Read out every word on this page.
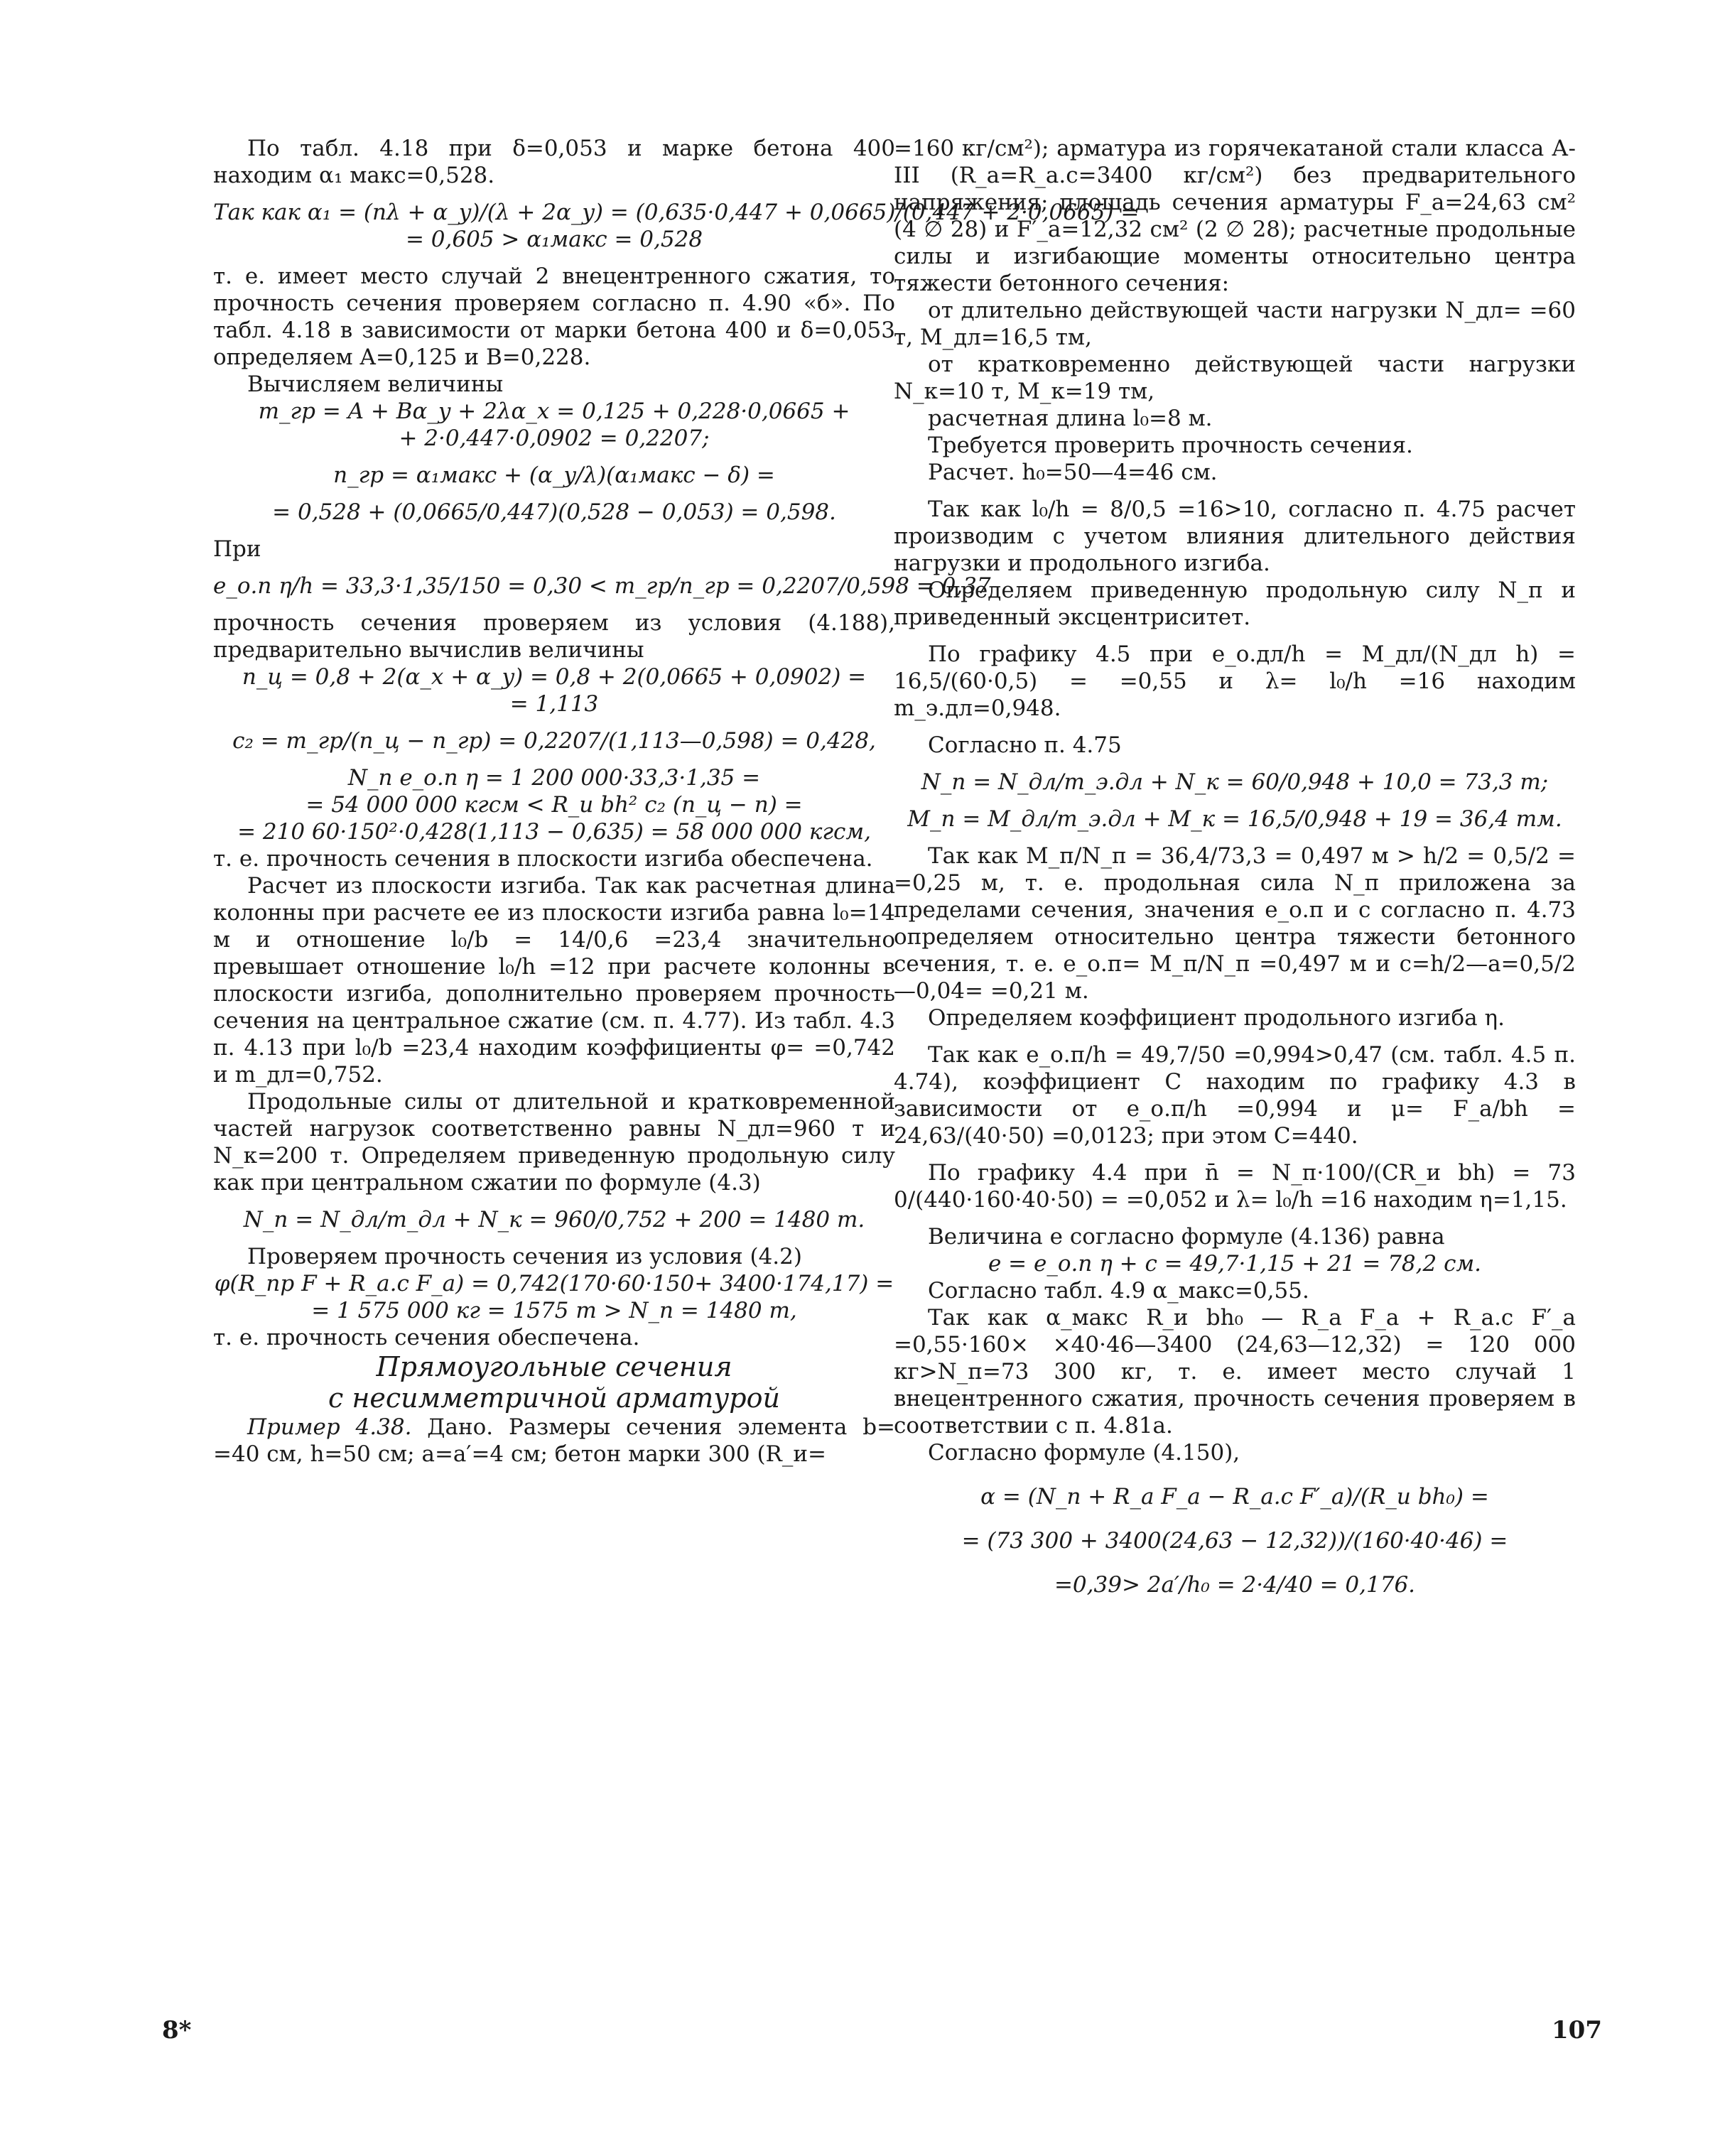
По табл. 4.18 при δ=0,053 и марке бетона 400 находим α₁ макс=0,528.

Так как α₁ = (nλ + α_y)/(λ + 2α_y) = (0,635·0,447 + 0,0665)/(0,447 + 2·0,0665) =
= 0,605 > α₁макс = 0,528

т. е. имеет место случай 2 внецентренного сжатия, то прочность сечения проверяем согласно п. 4.90 «б». По табл. 4.18 в зависимости от марки бетона 400 и δ=0,053 определяем A=0,125 и B=0,228.

Вычисляем величины

m_гр = A + Bα_y + 2λα_x = 0,125 + 0,228·0,0665 +
+ 2·0,447·0,0902 = 0,2207;
n_гр = α₁макс + (α_y/λ)(α₁макс − δ) =
= 0,528 + (0,0665/0,447)(0,528 − 0,053) = 0,598.

При

e_о.п η/h = 33,3·1,35/150 = 0,30 < m_гр/n_гр = 0,2207/0,598 = 0,37

прочность сечения проверяем из условия (4.188), предварительно вычислив величины

n_ц = 0,8 + 2(α_x + α_y) = 0,8 + 2(0,0665 + 0,0902) =
= 1,113
c₂ = m_гр/(n_ц − n_гр) = 0,2207/(1,113—0,598) = 0,428,
N_п e_о.п η = 1 200 000·33,3·1,35 =
= 54 000 000 кгсм < R_и bh² c₂ (n_ц − n) =
= 210 60·150²·0,428(1,113 − 0,635) = 58 000 000 кгсм,

т. е. прочность сечения в плоскости изгиба обеспечена.

Расчет из плоскости изгиба. Так как расчетная длина колонны при расчете ее из плоскости изгиба равна l₀=14 м и отношение l₀/b = 14/0,6 =23,4 значительно превышает отношение l₀/h =12 при расчете колонны в плоскости изгиба, дополнительно проверяем прочность сечения на центральное сжатие (см. п. 4.77). Из табл. 4.3 п. 4.13 при l₀/b =23,4 находим коэффициенты φ= =0,742 и m_дл=0,752.

Продольные силы от длительной и кратковременной частей нагрузок соответственно равны N_дл=960 т и N_к=200 т. Определяем приведенную продольную силу как при центральном сжатии по формуле (4.3)

N_п = N_дл/m_дл + N_к = 960/0,752 + 200 = 1480 т.

Проверяем прочность сечения из условия (4.2)

φ(R_пр F + R_а.с F_а) = 0,742(170·60·150+ 3400·174,17) =
= 1 575 000 кг = 1575 т > N_п = 1480 т,

т. е. прочность сечения обеспечена.

Прямоугольные сечения
с несимметричной арматурой

Пример 4.38. Дано. Размеры сечения элемента b= =40 см, h=50 см; a=a′=4 см; бетон марки 300 (R_и=

=160 кг/см²); арматура из горячекатаной стали класса А-III (R_а=R_а.с=3400 кг/см²) без предварительного напряжения; площадь сечения арматуры F_а=24,63 см² (4 ∅ 28) и F′_а=12,32 см² (2 ∅ 28); расчетные продольные силы и изгибающие моменты относительно центра тяжести бетонного сечения:

от длительно действующей части нагрузки N_дл= =60 т, M_дл=16,5 тм,

от кратковременно действующей части нагрузки N_к=10 т, M_к=19 тм,

расчетная длина l₀=8 м.

Требуется проверить прочность сечения.

Расчет. h₀=50—4=46 см.

Так как l₀/h = 8/0,5 =16>10, согласно п. 4.75 расчет производим с учетом влияния длительного действия нагрузки и продольного изгиба.

Определяем приведенную продольную силу N_п и приведенный эксцентриситет.

По графику 4.5 при e_о.дл/h = M_дл/(N_дл h) = 16,5/(60·0,5) = =0,55 и λ= l₀/h =16 находим m_э.дл=0,948.

Согласно п. 4.75

N_п = N_дл/m_э.дл + N_к = 60/0,948 + 10,0 = 73,3 т;
M_п = M_дл/m_э.дл + M_к = 16,5/0,948 + 19 = 36,4 тм.

Так как M_п/N_п = 36,4/73,3 = 0,497 м > h/2 = 0,5/2 = =0,25 м, т. е. продольная сила N_п приложена за пределами сечения, значения e_о.п и c согласно п. 4.73 определяем относительно центра тяжести бетонного сечения, т. е. e_о.п= M_п/N_п =0,497 м и c=h/2—a=0,5/2—0,04= =0,21 м.

Определяем коэффициент продольного изгиба η.

Так как e_о.п/h = 49,7/50 =0,994>0,47 (см. табл. 4.5 п. 4.74), коэффициент C находим по графику 4.3 в зависимости от e_о.п/h =0,994 и μ= F_а/bh = 24,63/(40·50) =0,0123; при этом C=440.

По графику 4.4 при n̄ = N_п·100/(CR_и bh) = 73 0/(440·160·40·50) = =0,052 и λ= l₀/h =16 находим η=1,15.

Величина e согласно формуле (4.136) равна

e = e_о.п η + c = 49,7·1,15 + 21 = 78,2 см.

Согласно табл. 4.9 α_макс=0,55.

Так как α_макс R_и bh₀ — R_а F_а + R_а.с F′_а =0,55·160× ×40·46—3400 (24,63—12,32) = 120 000 кг>N_п=73 300 кг, т. е. имеет место случай 1 внецентренного сжатия, прочность сечения проверяем в соответствии с п. 4.81а.

Согласно формуле (4.150),

α = (N_п + R_а F_а − R_а.с F′_а)/(R_и bh₀) =
= (73 300 + 3400(24,63 − 12,32))/(160·40·46) =
=0,39> 2a′/h₀ = 2·4/40 = 0,176.
8*	107
